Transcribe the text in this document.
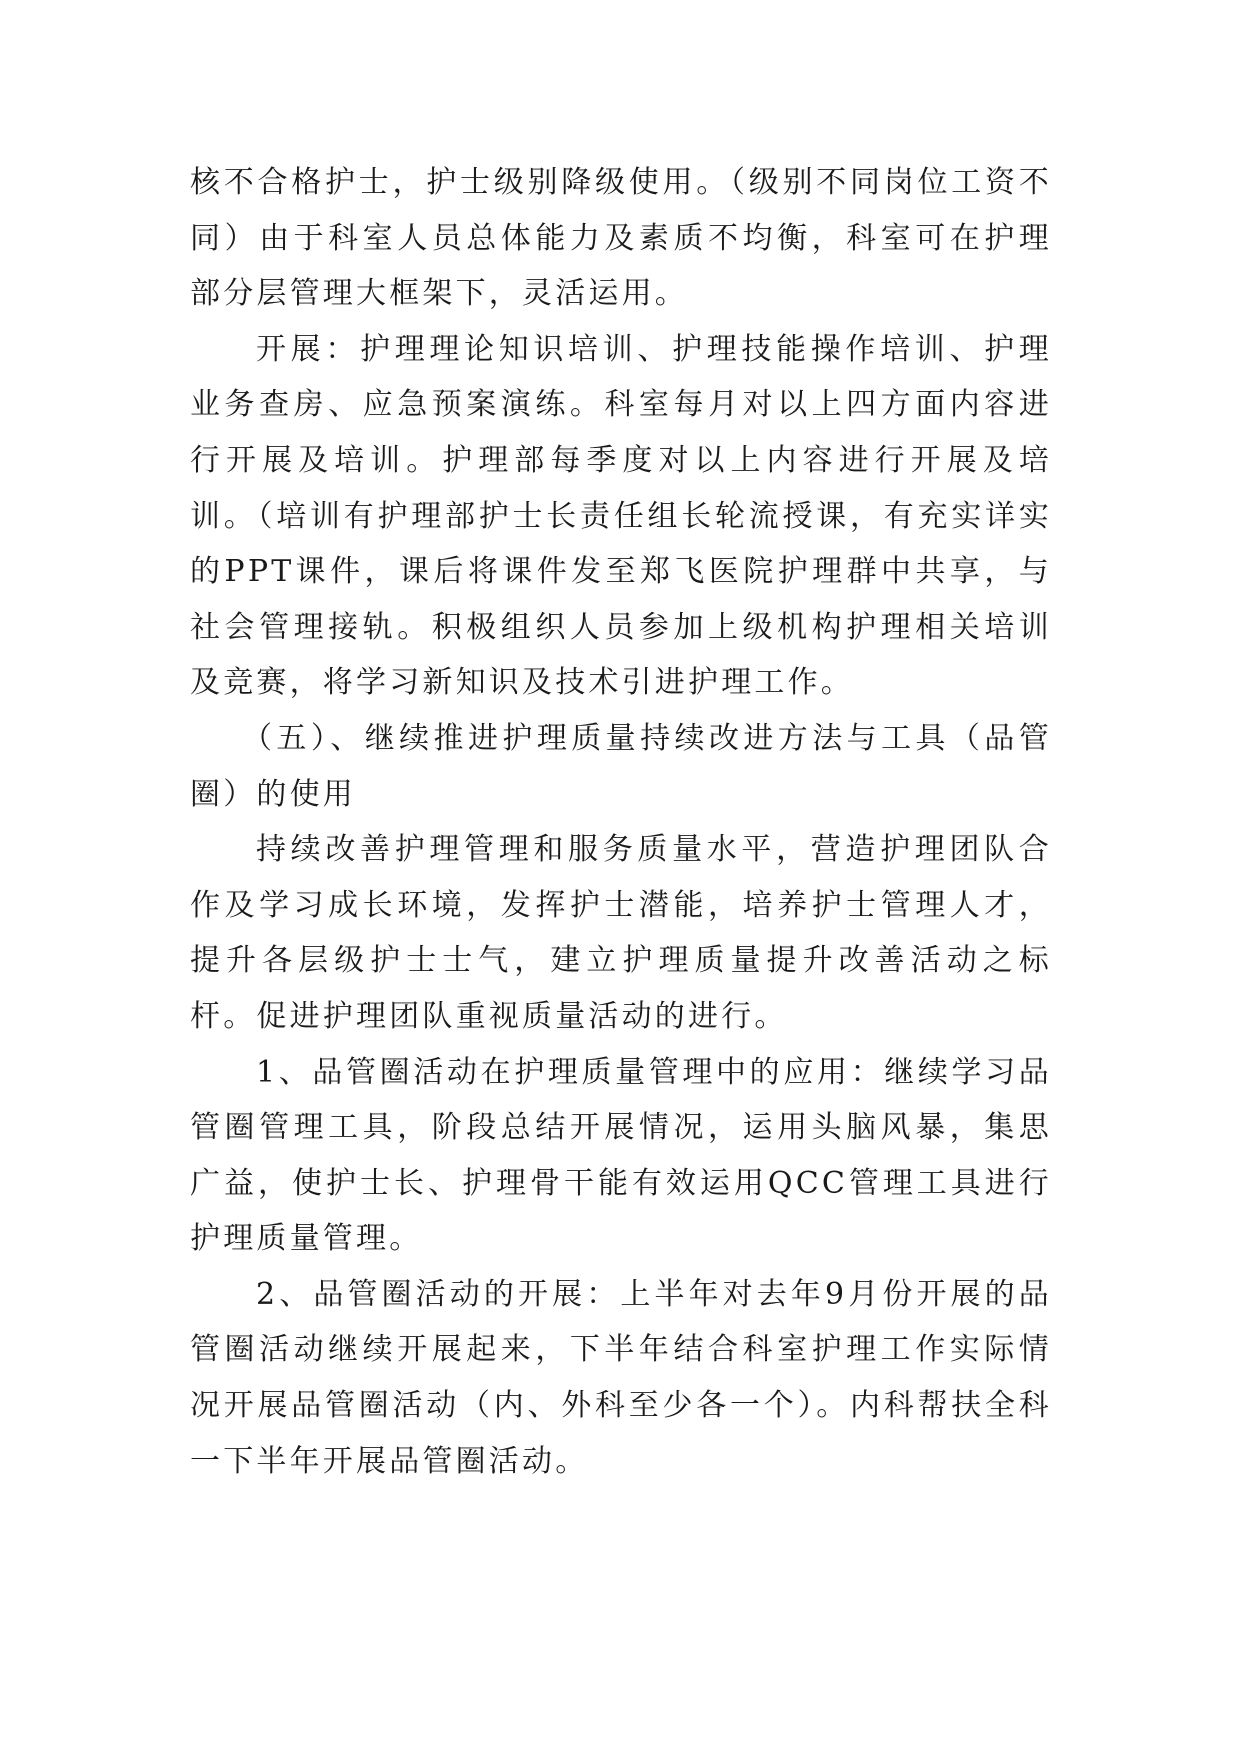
核不合格护士，护士级别降级使用。（级别不同岗位工资不同）由于科室人员总体能力及素质不均衡，科室可在护理部分层管理大框架下，灵活运用。

开展：护理理论知识培训、护理技能操作培训、护理业务查房、应急预案演练。科室每月对以上四方面内容进行开展及培训。护理部每季度对以上内容进行开展及培训。（培训有护理部护士长责任组长轮流授课，有充实详实的PPT课件，课后将课件发至郑飞医院护理群中共享，与社会管理接轨。积极组织人员参加上级机构护理相关培训及竞赛，将学习新知识及技术引进护理工作。

（五）、继续推进护理质量持续改进方法与工具（品管圈）的使用

持续改善护理管理和服务质量水平，营造护理团队合作及学习成长环境，发挥护士潜能，培养护士管理人才，提升各层级护士士气，建立护理质量提升改善活动之标杆。促进护理团队重视质量活动的进行。

1、品管圈活动在护理质量管理中的应用：继续学习品管圈管理工具，阶段总结开展情况，运用头脑风暴，集思广益，使护士长、护理骨干能有效运用QCC管理工具进行护理质量管理。

2、品管圈活动的开展：上半年对去年9月份开展的品管圈活动继续开展起来，下半年结合科室护理工作实际情况开展品管圈活动（内、外科至少各一个）。内科帮扶全科一下半年开展品管圈活动。
